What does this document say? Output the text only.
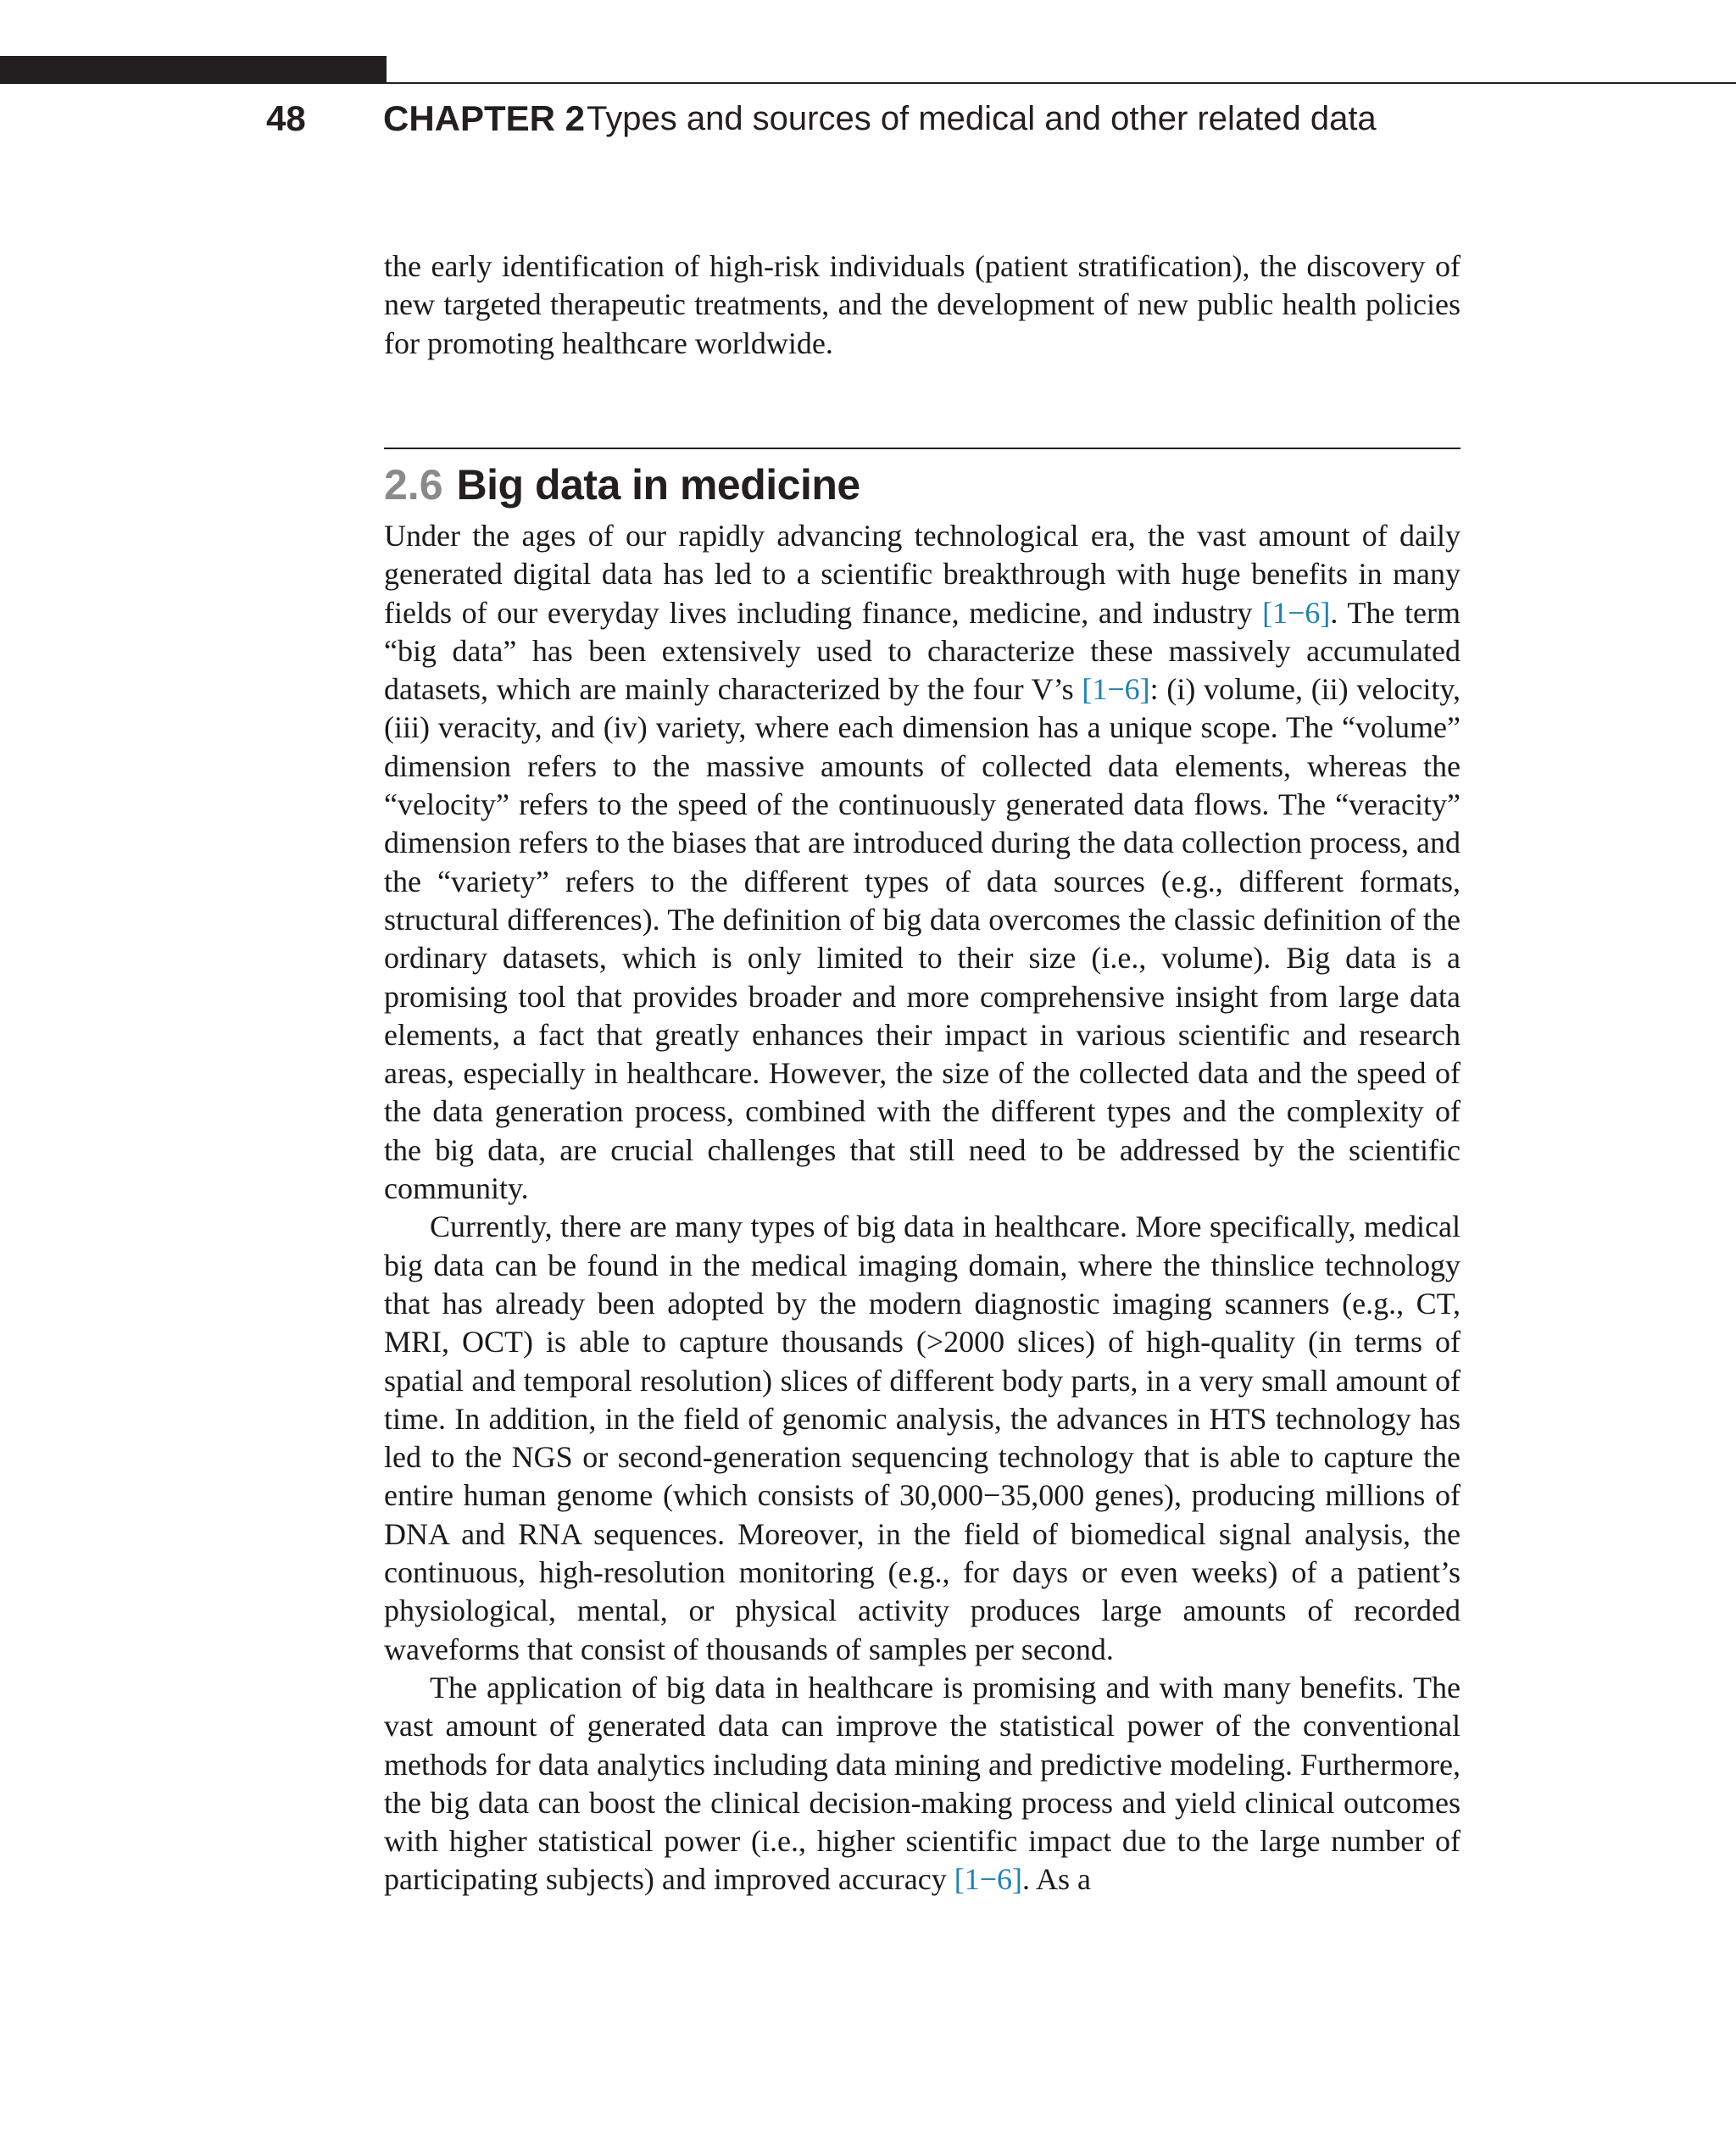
48 CHAPTER 2 Types and sources of medical and other related data

the early identification of high-risk individuals (patient stratification), the discovery of new targeted therapeutic treatments, and the development of new public health policies for promoting healthcare worldwide.

2.6 Big data in medicine

Under the ages of our rapidly advancing technological era, the vast amount of daily generated digital data has led to a scientific breakthrough with huge benefits in many fields of our everyday lives including finance, medicine, and industry [1−6]. The term “big data” has been extensively used to characterize these massively accumulated datasets, which are mainly characterized by the four V’s [1−6]: (i) volume, (ii) velocity, (iii) veracity, and (iv) variety, where each dimension has a unique scope. The “volume” dimension refers to the massive amounts of collected data elements, whereas the “velocity” refers to the speed of the continuously generated data flows. The “veracity” dimension refers to the biases that are introduced during the data collection process, and the “variety” refers to the different types of data sources (e.g., different formats, structural differences). The definition of big data overcomes the classic definition of the ordinary datasets, which is only limited to their size (i.e., volume). Big data is a promising tool that provides broader and more comprehensive insight from large data elements, a fact that greatly enhances their impact in various scientific and research areas, especially in healthcare. However, the size of the collected data and the speed of the data generation process, combined with the different types and the complexity of the big data, are crucial challenges that still need to be addressed by the scientific community.

Currently, there are many types of big data in healthcare. More specifically, medical big data can be found in the medical imaging domain, where the thinslice technology that has already been adopted by the modern diagnostic imaging scanners (e.g., CT, MRI, OCT) is able to capture thousands (>2000 slices) of high-quality (in terms of spatial and temporal resolution) slices of different body parts, in a very small amount of time. In addition, in the field of genomic analysis, the advances in HTS technology has led to the NGS or second-generation sequencing technology that is able to capture the entire human genome (which consists of 30,000−35,000 genes), producing millions of DNA and RNA sequences. Moreover, in the field of biomedical signal analysis, the continuous, high-resolution monitoring (e.g., for days or even weeks) of a patient’s physiological, mental, or physical activity produces large amounts of recorded waveforms that consist of thousands of samples per second.

The application of big data in healthcare is promising and with many benefits. The vast amount of generated data can improve the statistical power of the conventional methods for data analytics including data mining and predictive modeling. Furthermore, the big data can boost the clinical decision-making process and yield clinical outcomes with higher statistical power (i.e., higher scientific impact due to the large number of participating subjects) and improved accuracy [1−6]. As a
